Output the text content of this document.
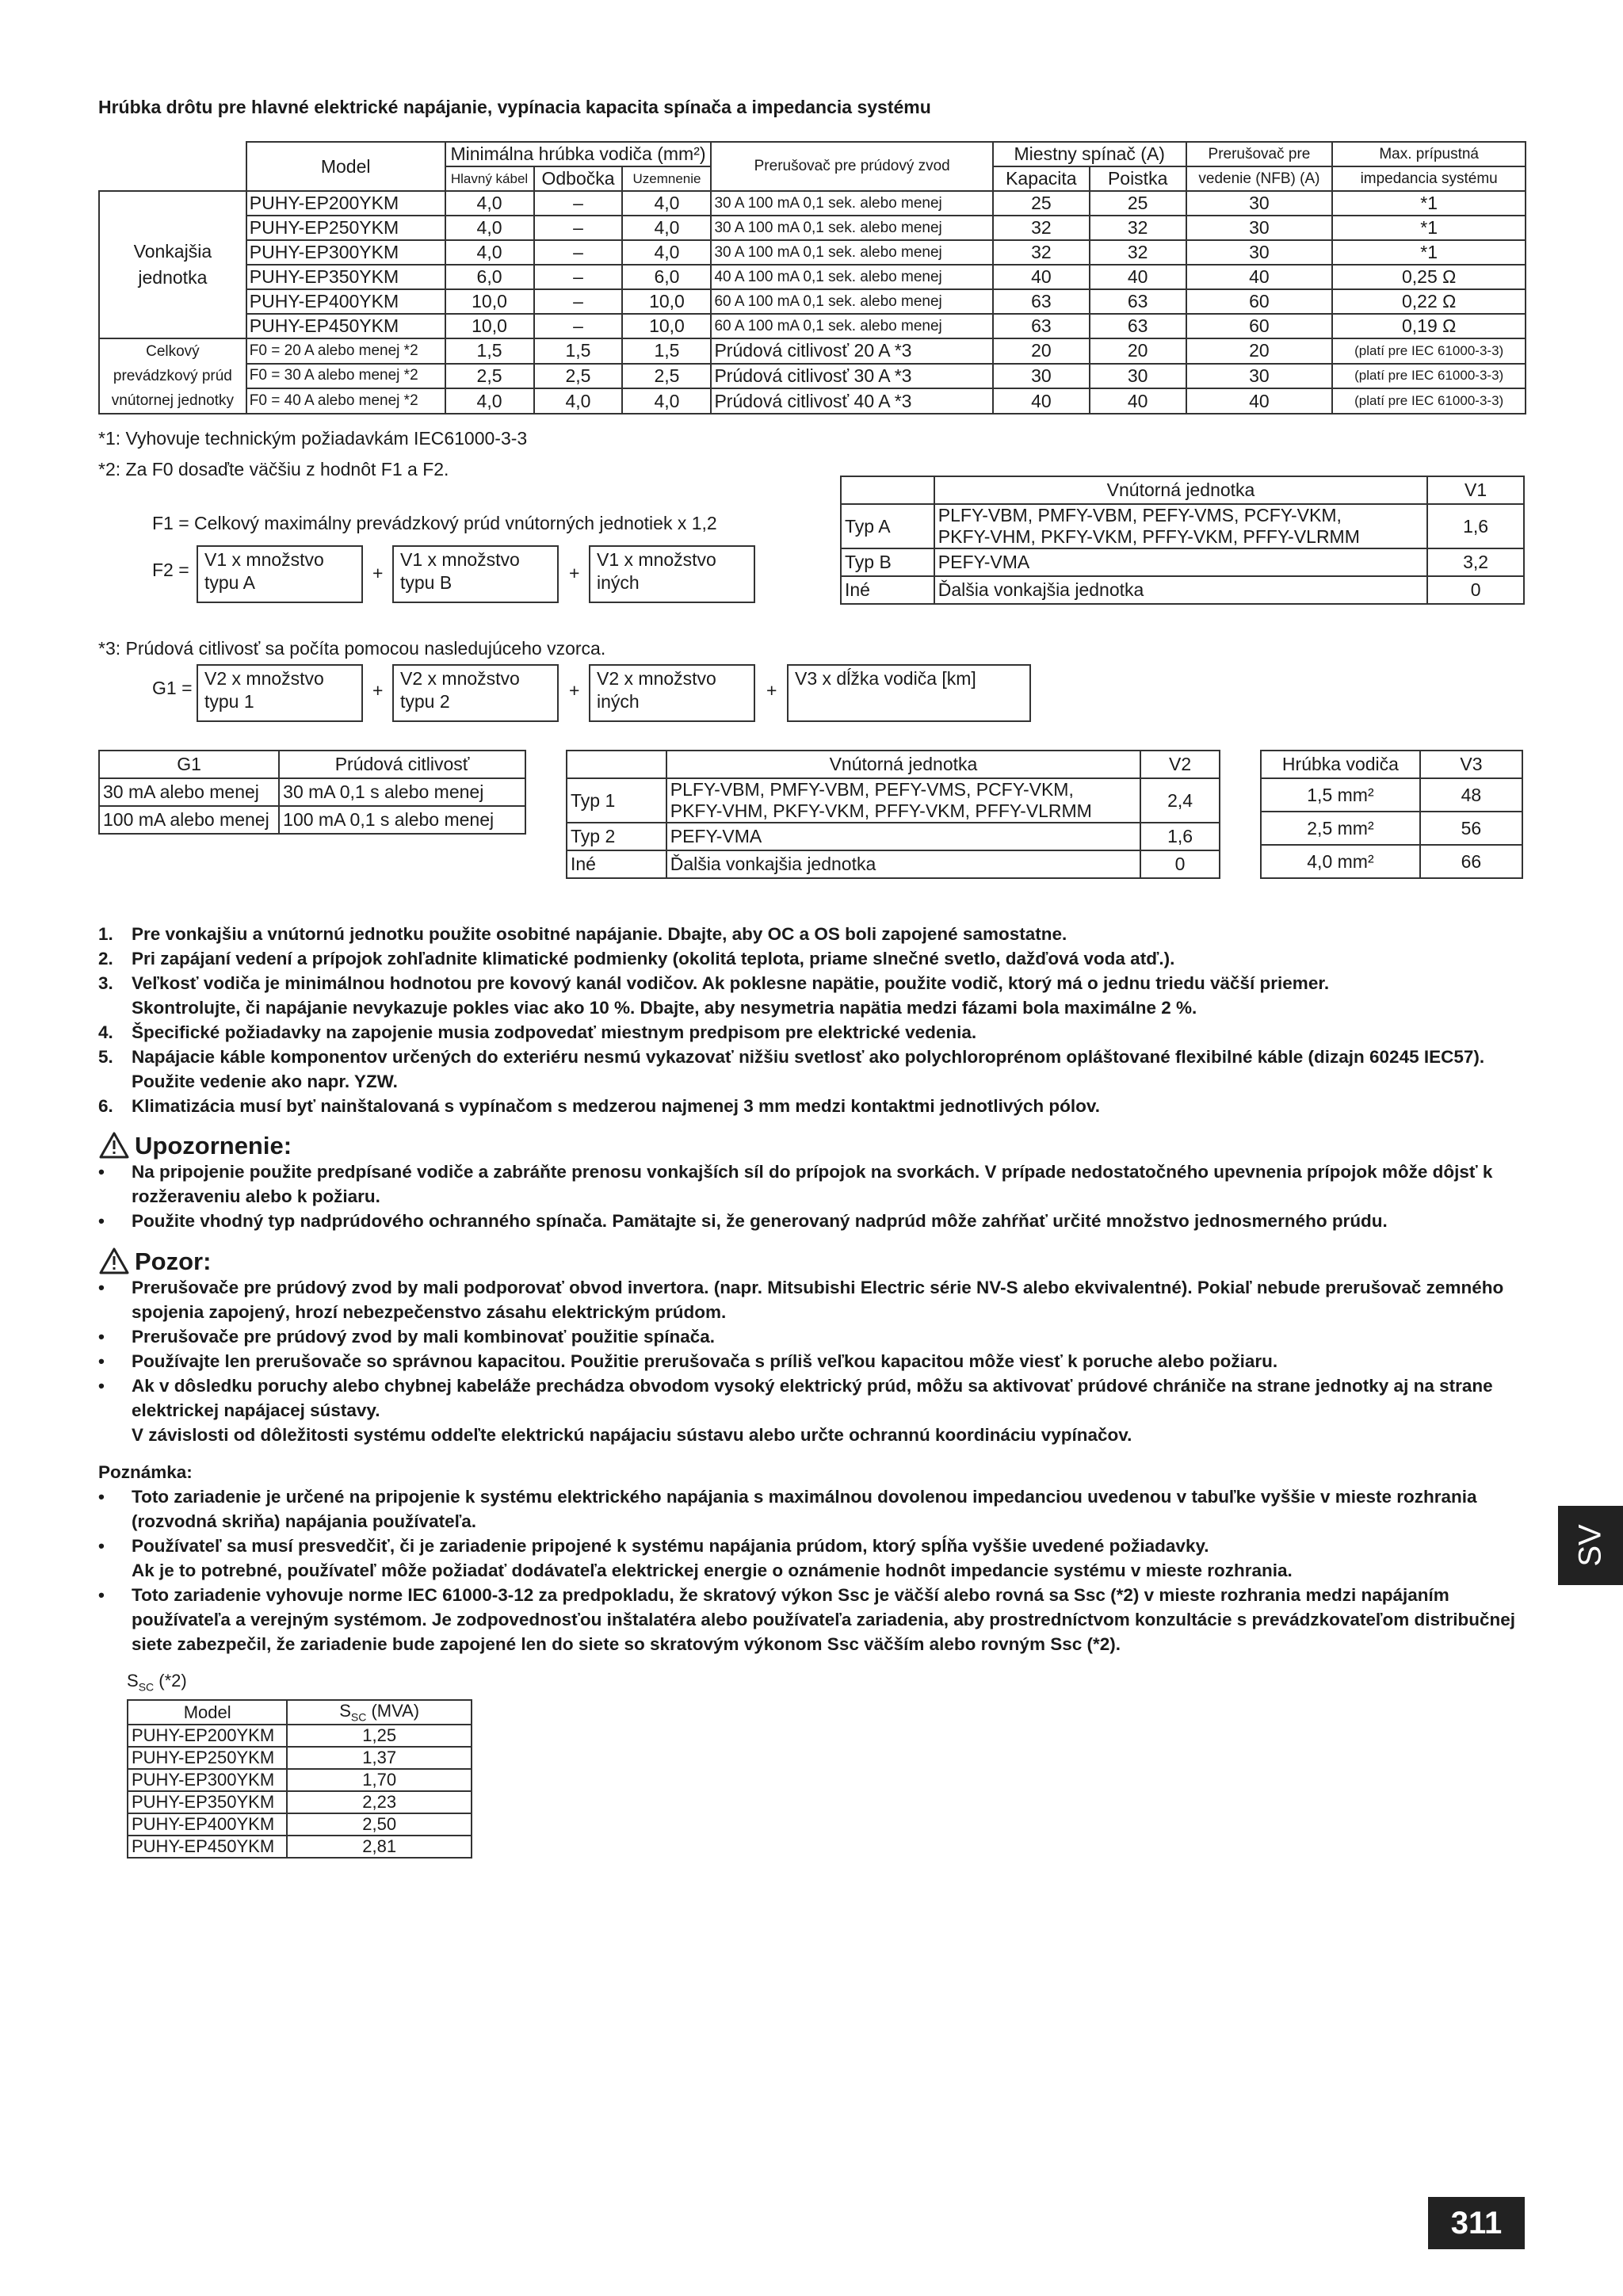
Hrúbka drôtu pre hlavné elektrické napájanie, vypínacia kapacita spínača a impedancia systému
	Model	Minimálna hrúbka vodiča (mm²)			Prerušovač pre prúdový zvod	Miestny spínač (A)		Prerušovač pre	Max. prípustná
		Hlavný kábel	Odbočka	Uzemnenie		Kapacita	Poistka	vedenie (NFB) (A)	impedancia systému

Vonkajšia
jednotka	PUHY-EP200YKM	4,0	–	4,0	30 A 100 mA 0,1 sek. alebo menej	25	25	30	*1
	PUHY-EP250YKM	4,0	–	4,0	30 A 100 mA 0,1 sek. alebo menej	32	32	30	*1
	PUHY-EP300YKM	4,0	–	4,0	30 A 100 mA 0,1 sek. alebo menej	32	32	30	*1
	PUHY-EP350YKM	6,0	–	6,0	40 A 100 mA 0,1 sek. alebo menej	40	40	40	0,25 Ω
	PUHY-EP400YKM	10,0	–	10,0	60 A 100 mA 0,1 sek. alebo menej	63	63	60	0,22 Ω
	PUHY-EP450YKM	10,0	–	10,0	60 A 100 mA 0,1 sek. alebo menej	63	63	60	0,19 Ω

Celkový
prevádzkový prúd
vnútornej jednotky	F0 = 20 A alebo menej *2	1,5	1,5	1,5	Prúdová citlivosť 20 A *3	20	20	20	(platí pre IEC 61000-3-3)
	F0 = 30 A alebo menej *2	2,5	2,5	2,5	Prúdová citlivosť 30 A *3	30	30	30	(platí pre IEC 61000-3-3)
	F0 = 40 A alebo menej *2	4,0	4,0	4,0	Prúdová citlivosť 40 A *3	40	40	40	(platí pre IEC 61000-3-3)
*1: Vyhovuje technickým požiadavkám IEC61000-3-3
*2: Za F0 dosaďte väčšiu z hodnôt F1 a F2.
F1 = Celkový maximálny prevádzkový prúd vnútorných jednotiek x 1,2
F2 = V1 x množstvo
typu A	+
V1 x množstvo
typu B	+
V1 x množstvo
iných
	Vnútorná jednotka	V1
Typ A	PLFY-VBM, PMFY-VBM, PEFY-VMS, PCFY-VKM,
PKFY-VHM, PKFY-VKM, PFFY-VKM, PFFY-VLRMM	1,6
Typ B	PEFY-VMA	3,2
Iné	Ďalšia vonkajšia jednotka	0
*3: Prúdová citlivosť sa počíta pomocou nasledujúceho vzorca.
G1 = V2 x množstvo
typu 1
+
V2 x množstvo
typu 2
+
V2 x množstvo
iných
+
V3 x dĺžka vodiča [km]
G1	Prúdová citlivosť
30 mA alebo menej	30 mA 0,1 s alebo menej
100 mA alebo menej	100 mA 0,1 s alebo menej
	Vnútorná jednotka	V2
Typ 1	PLFY-VBM, PMFY-VBM, PEFY-VMS, PCFY-VKM,
PKFY-VHM, PKFY-VKM, PFFY-VKM, PFFY-VLRMM	2,4
Typ 2	PEFY-VMA	1,6
Iné	Ďalšia vonkajšia jednotka	0
Hrúbka vodiča	V3
1,5 mm²	48
2,5 mm²	56
4,0 mm²	66
1.	Pre vonkajšiu a vnútornú jednotku použite osobitné napájanie. Dbajte, aby OC a OS boli zapojené samostatne.
2.	Pri zapájaní vedení a prípojok zohľadnite klimatické podmienky (okolitá teplota, priame slnečné svetlo, dažďová voda atď.).
3.	Veľkosť vodiča je minimálnou hodnotou pre kovový kanál vodičov. Ak poklesne napätie, použite vodič, ktorý má o jednu triedu väčší priemer.
Skontrolujte, či napájanie nevykazuje pokles viac ako 10 %. Dbajte, aby nesymetria napätia medzi fázami bola maximálne 2 %.
4.	Špecifické požiadavky na zapojenie musia zodpovedať miestnym predpisom pre elektrické vedenia.
5.	Napájacie káble komponentov určených do exteriéru nesmú vykazovať nižšiu svetlosť ako polychloroprénom opláštované flexibilné káble (dizajn 60245 IEC57). Použite vedenie ako napr. YZW.
6.	Klimatizácia musí byť nainštalovaná s vypínačom s medzerou najmenej 3 mm medzi kontaktmi jednotlivých pólov.
Upozornenie:
•	Na pripojenie použite predpísané vodiče a zabráňte prenosu vonkajších síl do prípojok na svorkách. V prípade nedostatočného upevnenia prípojok môže dôjsť k rozžeraveniu alebo k požiaru.
•	Použite vhodný typ nadprúdového ochranného spínača. Pamätajte si, že generovaný nadprúd môže zahŕňať určité množstvo jednosmerného prúdu.
Pozor:
•	Prerušovače pre prúdový zvod by mali podporovať obvod invertora. (napr. Mitsubishi Electric série NV-S alebo ekvivalentné). Pokiaľ nebude prerušovač zemného spojenia zapojený, hrozí nebezpečenstvo zásahu elektrickým prúdom.
•	Prerušovače pre prúdový zvod by mali kombinovať použitie spínača.
•	Používajte len prerušovače so správnou kapacitou. Použitie prerušovača s príliš veľkou kapacitou môže viesť k poruche alebo požiaru.
•	Ak v dôsledku poruchy alebo chybnej kabeláže prechádza obvodom vysoký elektrický prúd, môžu sa aktivovať prúdové chrániče na strane jednotky aj na strane elektrickej napájacej sústavy.
V závislosti od dôležitosti systému oddeľte elektrickú napájaciu sústavu alebo určte ochrannú koordináciu vypínačov.
Poznámka:
•	Toto zariadenie je určené na pripojenie k systému elektrického napájania s maximálnou dovolenou impedanciou uvedenou v tabuľke vyššie v mieste rozhrania (rozvodná skriňa) napájania používateľa.
•	Používateľ sa musí presvedčiť, či je zariadenie pripojené k systému napájania prúdom, ktorý spĺňa vyššie uvedené požiadavky.
Ak je to potrebné, používateľ môže požiadať dodávateľa elektrickej energie o oznámenie hodnôt impedancie systému v mieste rozhrania.
•	Toto zariadenie vyhovuje norme IEC 61000-3-12 za predpokladu, že skratový výkon Ssc je väčší alebo rovná sa Ssc (*2) v mieste rozhrania medzi napájaním používateľa a verejným systémom. Je zodpovednosťou inštalatéra alebo používateľa zariadenia, aby prostredníctvom konzultácie s prevádzkovateľom distribučnej siete zabezpečil, že zariadenie bude zapojené len do siete so skratovým výkonom Ssc väčším alebo rovným Ssc (*2).
$S_{SC}$ (*2)
Model	$S_{SC}$ (MVA)
PUHY-EP200YKM	1,25
PUHY-EP250YKM	1,37
PUHY-EP300YKM	1,70
PUHY-EP350YKM	2,23
PUHY-EP400YKM	2,50
PUHY-EP450YKM	2,81
SV
311
